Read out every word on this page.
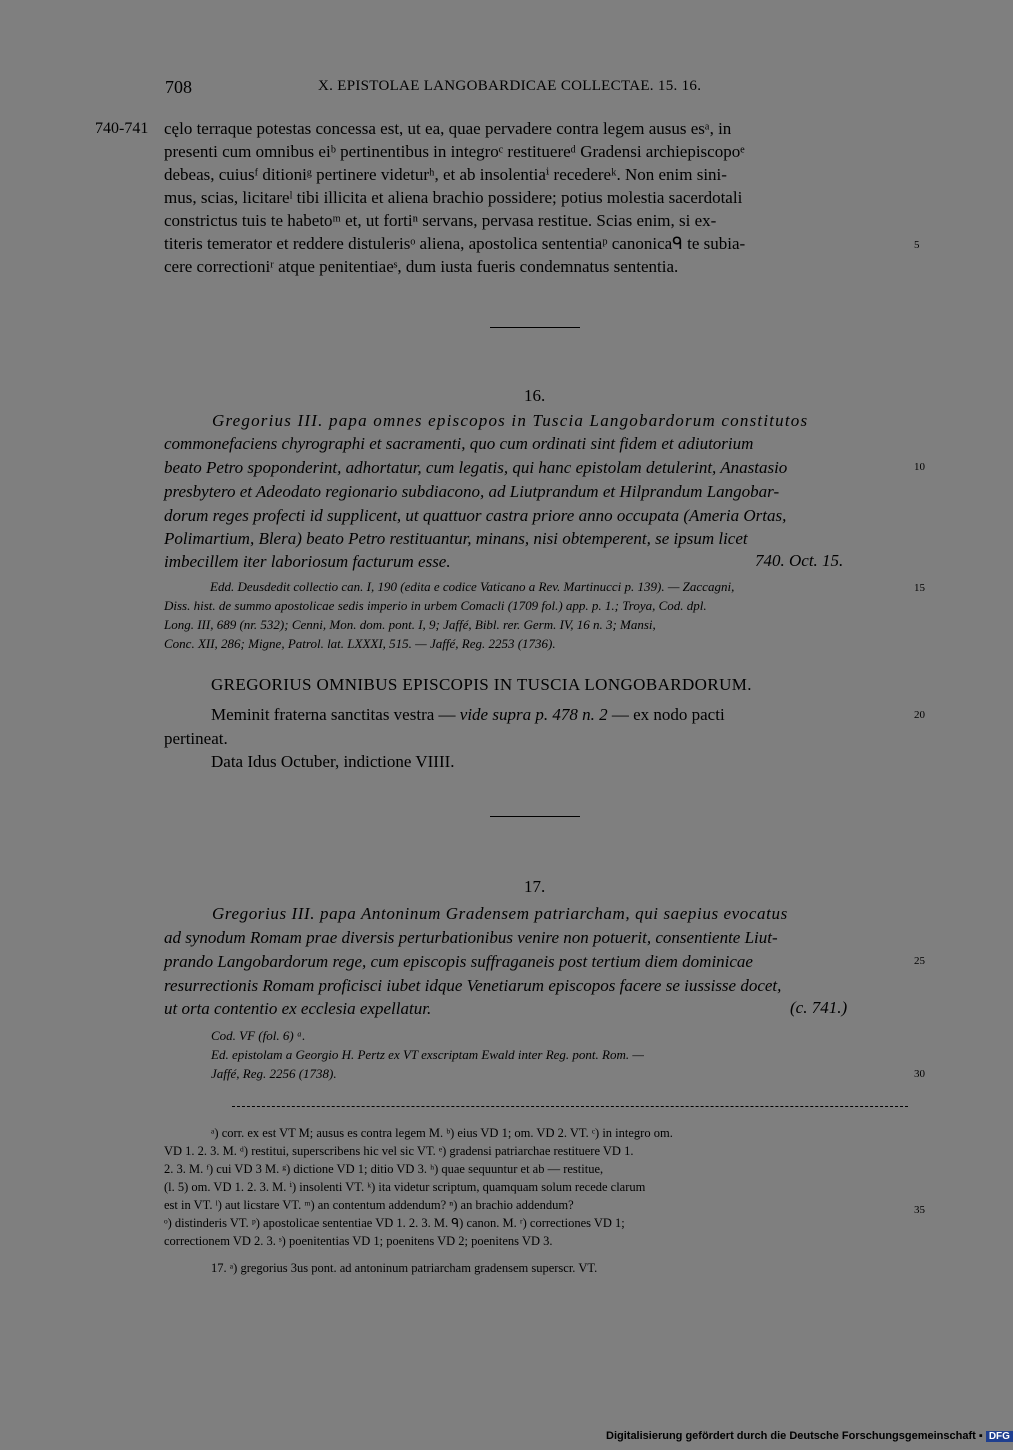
708	X. EPISTOLAE LANGOBARDICAE COLLECTAE. 15. 16.
740-741 cęlo terraque potestas concessa est, ut ea, quae pervadere contra legem ausus esᵃ, in
presenti cum omnibus eiᵇ pertinentibus in integroᶜ restituereᵈ Gradensi archiepiscopoᵉ
debeas, cuiusᶠ ditioniᵍ pertinere videturʰ, et ab insolentiaⁱ recedereᵏ. Non enim sini-
mus, scias, licitareˡ tibi illicita et aliena brachio possidere; potius molestia sacerdotali
constrictus tuis te habetoᵐ et, ut fortiⁿ servans, pervasa restitue. Scias enim, si ex-
titeris temerator et reddere distulerisᵒ aliena, apostolica sententiaᵖ canonicaᑫ te subia-
cere correctioniʳ atque penitentiaeˢ, dum iusta fueris condemnatus sententia.
16.
Gregorius III. papa omnes episcopos in Tuscia Langobardorum constitutos
commonefaciens chyrographi et sacramenti, quo cum ordinati sint fidem et adiutorium
beato Petro spoponderint, adhortatur, cum legatis, qui hanc epistolam detulerint, Anastasio
presbytero et Adeodato regionario subdiacono, ad Liutprandum et Hilprandum Langobar-
dorum reges profecti id supplicent, ut quattuor castra priore anno occupata (Ameria Ortas,
Polimartium, Blera) beato Petro restituantur, minans, nisi obtemperent, se ipsum licet
imbecillem iter laboriosum facturum esse.	740. Oct. 15.
Edd. Deusdedit collectio can. I, 190 (edita e codice Vaticano a Rev. Martinucci p. 139). — Zaccagni,
Diss. hist. de summo apostolicae sedis imperio in urbem Comacli (1709 fol.) app. p. 1.; Troya, Cod. dpl.
Long. III, 689 (nr. 532); Cenni, Mon. dom. pont. I, 9; Jaffé, Bibl. rer. Germ. IV, 16 n. 3; Mansi,
Conc. XII, 286; Migne, Patrol. lat. LXXXI, 515. — Jaffé, Reg. 2253 (1736).
GREGORIUS OMNIBUS EPISCOPIS IN TUSCIA LONGOBARDORUM.
Meminit fraterna sanctitas vestra — vide supra p. 478 n. 2 — ex nodo pacti
pertineat.
Data Idus Octuber, indictione VIIII.
17.
Gregorius III. papa Antoninum Gradensem patriarcham, qui saepius evocatus
ad synodum Romam prae diversis perturbationibus venire non potuerit, consentiente Liut-
prando Langobardorum rege, cum episcopis suffraganeis post tertium diem dominicae
resurrectionis Romam proficisci iubet idque Venetiarum episcopos facere se iussisse docet,
ut orta contentio ex ecclesia expellatur.	(c. 741.)
Cod. VF (fol. 6) ᵃ.
Ed. epistolam a Georgio H. Pertz ex VT exscriptam Ewald inter Reg. pont. Rom. —
Jaffé, Reg. 2256 (1738).
ᵃ) corr. ex est VT M; ausus es contra legem M. ᵇ) eius VD 1; om. VD 2. VT. ᶜ) in integro om.
VD 1. 2. 3. M. ᵈ) restitui, superscribens hic vel sic VT. ᵉ) gradensi patriarchae restituere VD 1.
2. 3. M. ᶠ) cui VD 3 M. ᵍ) dictione VD 1; ditio VD 3. ʰ) quae sequuntur et ab — restitue,
(l. 5) om. VD 1. 2. 3. M. ⁱ) insolenti VT. ᵏ) ita videtur scriptum, quamquam solum recede clarum
est in VT. ˡ) aut licstare VT. ᵐ) an contentum addendum? ⁿ) an brachio addendum?
ᵒ) distinderis VT. ᵖ) apostolicae sententiae VD 1. 2. 3. M. ᑫ) canon. M. ʳ) correctiones VD 1;
correctionem VD 2. 3. ˢ) poenitentias VD 1; poenitens VD 2; poenitens VD 3.
17. ᵃ) gregorius 3us pont. ad antoninum patriarcham gradensem superscr. VT.
5
10
15
20
25
30
35
Digitalisierung gefördert durch die Deutsche Forschungsgemeinschaft ▪ DFG
